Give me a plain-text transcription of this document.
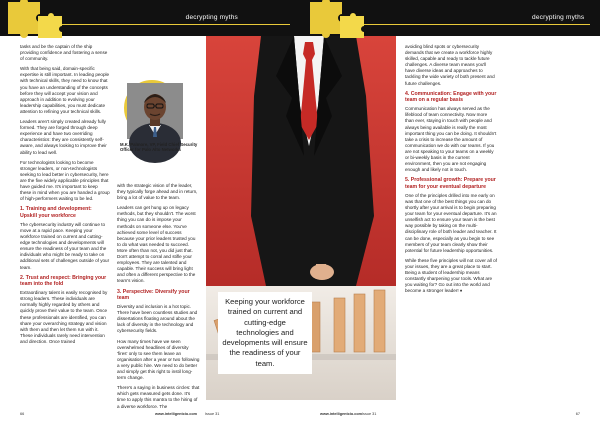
decrypting myths

tasks and be the captain of the ship providing confidence and fostering a sense of community.

With that being said, domain-specific expertise is still important. In leading people with technical skills, they need to know that you have an understanding of the concepts before they will accept your vision and approach in addition to evolving your leadership capabilities, you must dedicate attention to refining your technical skills.

Leaders aren't simply created already fully formed. They are forged through deep experience and have two overriding characteristics: they are consistently self-aware, and always looking to improve their ability to lead well.

For technologists looking to become stronger leaders, or non-technologists seeking to lead better in cybersecurity, here are the five widely applicable principles that have guided me. It's important to keep these in mind when you are handed a group of high-performers waiting to be led.

1. Training and development: Upskill your workforce

The cybersecurity industry will continue to move at a rapid pace. Keeping your workforce trained on current and cutting-edge technologies and developments will ensure the readiness of your team and the individuals who might be ready to take on additional sets of challenges outside of your team.

2. Trust and respect: Bringing your team into the fold

Extraordinary talent is easily recognised by strong leaders. These individuals are normally highly regarded by others and quickly prove their value to the team. Once these professionals are identified, you can share your overarching strategy and vision with them and then let them run with it. These individuals rarely need intervention and direction. Once trained

M.K. Palmore, VP, Field Chief Security Officer for Palo Alto Networks

with the strategic vision of the leader, they typically forge ahead and in return, bring a lot of value to the team.

Leaders can get hung up on legacy methods, but they shouldn't. The worst thing you can do is impose your methods on someone else. You've achieved some level of success because your prior leaders trusted you to do what was needed to succeed. More often than not, you did just that. Don't attempt to corral and stifle your employees. They are talented and capable. Their success will bring light and often a different perspective to the team's vision.

3. Perspective: Diversify your team

Diversity and inclusion is a hot topic. There have been countless studies and dissertations floating around about the lack of diversity in the technology and cybersecurity fields.

How many times have we seen overwhelmed headlines of diversity 'fires' only to see them leave an organisation after a year or two following a very public hire. We need to do better and simply get this right to instil long-term change.

There's a saying in business circles: that which gets measured gets done. It's time to apply this mantra to the hiring of a diverse workforce. The

66	www.intelligentcio.com Issue 31
decrypting myths
www.intelligentcio.com Issue 31	67
Keeping your workforce trained on current and cutting-edge technologies and developments will ensure the readiness of your team.

avoiding blind spots or cybersecurity demands that we create a workforce highly skilled, capable and ready to tackle future challenges. A diverse team means you'll have diverse ideas and approaches to tackling the wide variety of both present and future challenges.

4. Communication: Engage with your team on a regular basis

Communication has always served as the lifeblood of team connectivity. Now more than ever, staying in touch with people and always being available is really the most important thing you can be doing. It shouldn't take a crisis to increase the amount of communication we do with our teams. If you are not speaking to your teams on a weekly or bi-weekly basis in the current environment, then you are not engaging enough and likely not in touch.

5. Professional growth: Prepare your team for your eventual departure

One of the principles drilled into me early on was that one of the best things you can do shortly after your arrival is to begin preparing your team for your eventual departure. It's an unselfish act to ensure your team is the best way possible by taking on the multi-disciplinary role of both leader and teacher. It can be done, especially as you begin to see members of your team clearly show their potential for future leadership opportunities.

While these five principles will not cover all of your issues, they are a great place to start. Being a student of leadership means constantly sharpening your tools. What are you waiting for? Go out into the world and become a stronger leader! ♦
